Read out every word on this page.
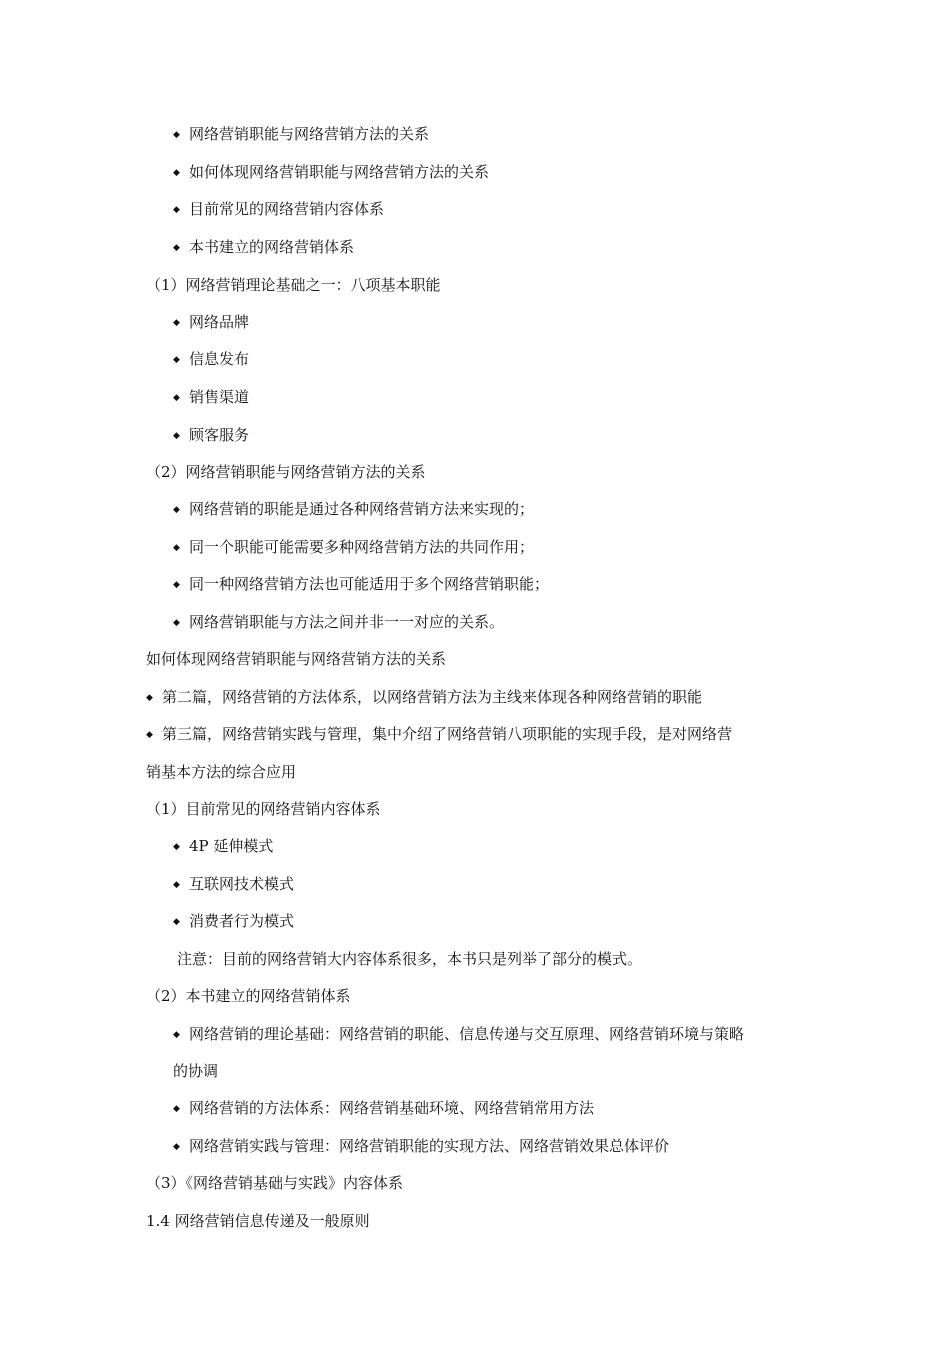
◆ 网络营销职能与网络营销方法的关系
◆ 如何体现网络营销职能与网络营销方法的关系
◆ 目前常见的网络营销内容体系
◆ 本书建立的网络营销体系
（1）网络营销理论基础之一：八项基本职能
◆ 网络品牌
◆ 信息发布
◆ 销售渠道
◆ 顾客服务
（2）网络营销职能与网络营销方法的关系
◆ 网络营销的职能是通过各种网络营销方法来实现的；
◆ 同一个职能可能需要多种网络营销方法的共同作用；
◆ 同一种网络营销方法也可能适用于多个网络营销职能；
◆ 网络营销职能与方法之间并非一一对应的关系。
如何体现网络营销职能与网络营销方法的关系
◆ 第二篇，网络营销的方法体系，以网络营销方法为主线来体现各种网络营销的职能
◆ 第三篇，网络营销实践与管理，集中介绍了网络营销八项职能的实现手段，是对网络营
销基本方法的综合应用
（1）目前常见的网络营销内容体系
◆ 4P 延伸模式
◆ 互联网技术模式
◆ 消费者行为模式
注意：目前的网络营销大内容体系很多，本书只是列举了部分的模式。
（2）本书建立的网络营销体系
◆ 网络营销的理论基础：网络营销的职能、信息传递与交互原理、网络营销环境与策略
的协调
◆ 网络营销的方法体系：网络营销基础环境、网络营销常用方法
◆ 网络营销实践与管理：网络营销职能的实现方法、网络营销效果总体评价
（3）《网络营销基础与实践》内容体系
1.4 网络营销信息传递及一般原则
